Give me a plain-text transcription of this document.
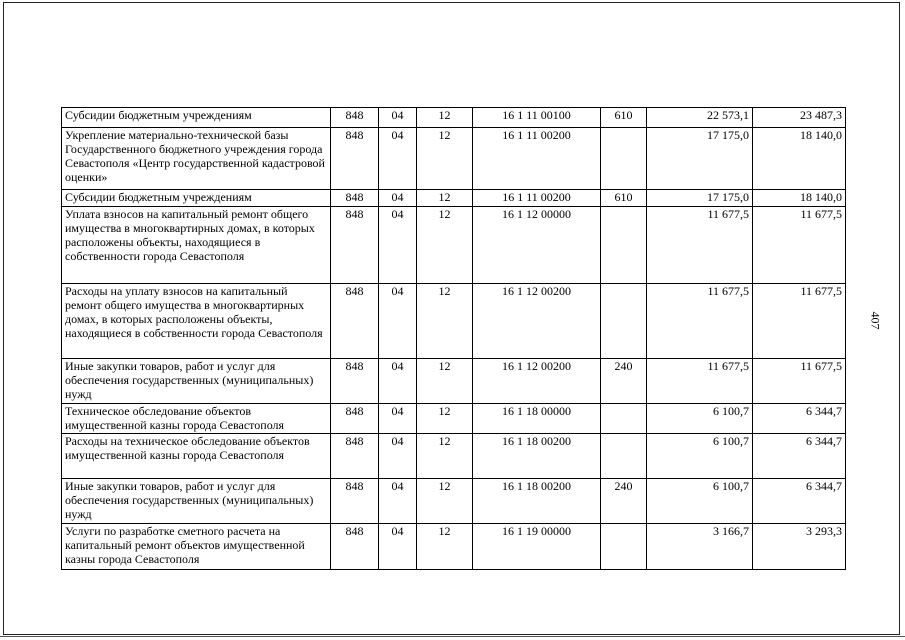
Субсидии бюджетным учреждениям	848	04	12	16 1 11 00100	610	22 573,1	23 487,3
Укрепление материально-технической базы Государственного бюджетного учреждения города Севастополя «Центр государственной кадастровой оценки»	848	04	12	16 1 11 00200		17 175,0	18 140,0
Субсидии бюджетным учреждениям	848	04	12	16 1 11 00200	610	17 175,0	18 140,0
Уплата взносов на капитальный ремонт общего имущества в многоквартирных домах, в которых расположены объекты, находящиеся в собственности города Севастополя	848	04	12	16 1 12 00000		11 677,5	11 677,5
Расходы на уплату взносов на капитальный ремонт общего имущества в многоквартирных домах, в которых расположены объекты, находящиеся в собственности города Севастополя	848	04	12	16 1 12 00200		11 677,5	11 677,5
Иные закупки товаров, работ и услуг для обеспечения государственных (муниципальных) нужд	848	04	12	16 1 12 00200	240	11 677,5	11 677,5
Техническое обследование объектов имущественной казны города Севастополя	848	04	12	16 1 18 00000		6 100,7	6 344,7
Расходы на техническое обследование объектов имущественной казны города Севастополя	848	04	12	16 1 18 00200		6 100,7	6 344,7
Иные закупки товаров, работ и услуг для обеспечения государственных (муниципальных) нужд	848	04	12	16 1 18 00200	240	6 100,7	6 344,7
Услуги по разработке сметного расчета на капитальный ремонт объектов имущественной казны города Севастополя	848	04	12	16 1 19 00000		3 166,7	3 293,3
407
